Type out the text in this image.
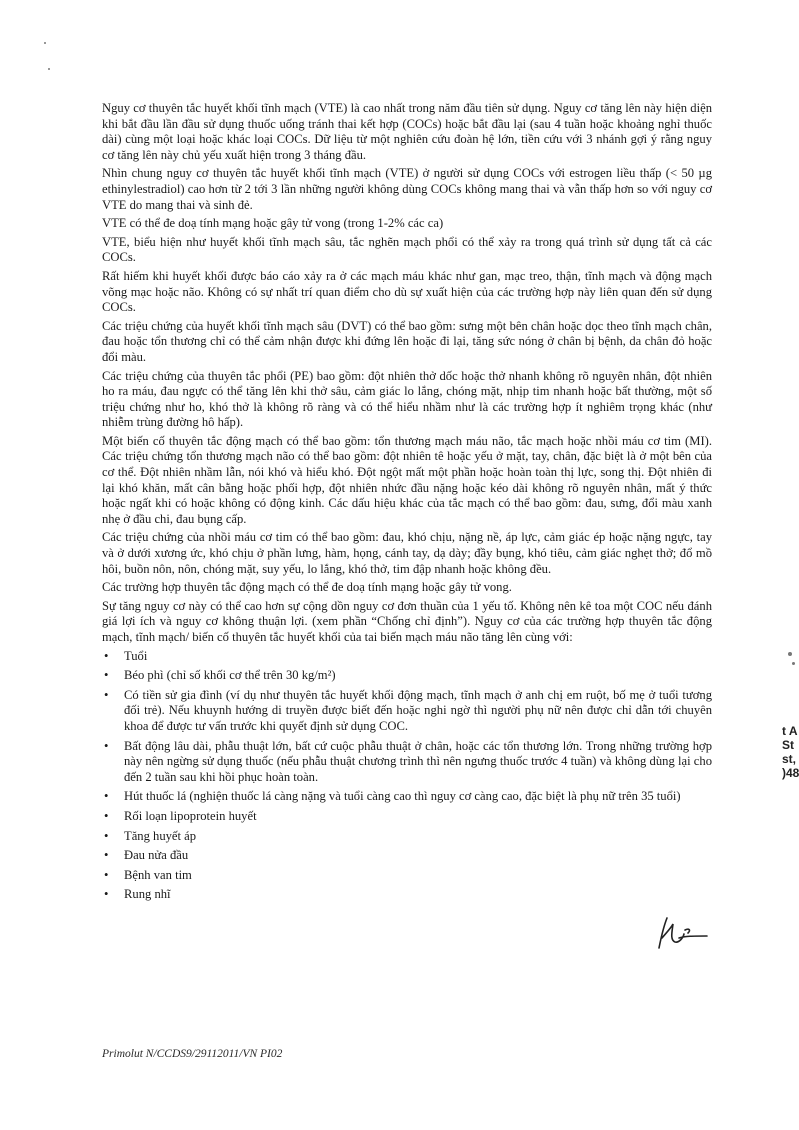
Nguy cơ thuyên tắc huyết khối tĩnh mạch (VTE) là cao nhất trong năm đầu tiên sử dụng. Nguy cơ tăng lên này hiện diện khi bắt đầu lần đầu sử dụng thuốc uống tránh thai kết hợp (COCs) hoặc bắt đầu lại (sau 4 tuần hoặc khoảng nghỉ thuốc dài) cùng một loại hoặc khác loại COCs. Dữ liệu từ một nghiên cứu đoàn hệ lớn, tiền cứu với 3 nhánh gợi ý rằng nguy cơ tăng lên này chủ yếu xuất hiện trong 3 tháng đầu.

Nhìn chung nguy cơ thuyên tắc huyết khối tĩnh mạch (VTE) ở người sử dụng COCs với estrogen liều thấp (< 50 µg ethinylestradiol) cao hơn từ 2 tới 3 lần những người không dùng COCs không mang thai và vẫn thấp hơn so với nguy cơ VTE do mang thai và sinh đẻ.

VTE có thể đe doạ tính mạng hoặc gây tử vong (trong 1-2% các ca)

VTE, biểu hiện như huyết khối tĩnh mạch sâu, tắc nghẽn mạch phổi có thể xảy ra trong quá trình sử dụng tất cả các COCs.

Rất hiếm khi huyết khối được báo cáo xảy ra ở các mạch máu khác như gan, mạc treo, thận, tĩnh mạch và động mạch võng mạc hoặc não. Không có sự nhất trí quan điểm cho dù sự xuất hiện của các trường hợp này liên quan đến sử dụng COCs.

Các triệu chứng của huyết khối tĩnh mạch sâu (DVT) có thể bao gồm: sưng một bên chân hoặc dọc theo tĩnh mạch chân, đau hoặc tổn thương chỉ có thể cảm nhận được khi đứng lên hoặc đi lại, tăng sức nóng ở chân bị bệnh, da chân đỏ hoặc đổi màu.

Các triệu chứng của thuyên tắc phổi (PE) bao gồm: đột nhiên thở dốc hoặc thở nhanh không rõ nguyên nhân, đột nhiên ho ra máu, đau ngực có thể tăng lên khi thở sâu, cảm giác lo lắng, chóng mặt, nhịp tim nhanh hoặc bất thường, một số triệu chứng như ho, khó thở là không rõ ràng và có thể hiểu nhầm như là các trường hợp ít nghiêm trọng khác (như nhiễm trùng đường hô hấp).

Một biến cố thuyên tắc động mạch có thể bao gồm: tổn thương mạch máu não, tắc mạch hoặc nhồi máu cơ tim (MI). Các triệu chứng tổn thương mạch não có thể bao gồm: đột nhiên tê hoặc yếu ở mặt, tay, chân, đặc biệt là ở một bên của cơ thể. Đột nhiên nhầm lẫn, nói khó và hiểu khó. Đột ngột mất một phần hoặc hoàn toàn thị lực, song thị. Đột nhiên đi lại khó khăn, mất cân bằng hoặc phối hợp, đột nhiên nhức đầu nặng hoặc kéo dài không rõ nguyên nhân, mất ý thức hoặc ngất khi có hoặc không có động kinh. Các dấu hiệu khác của tắc mạch có thể bao gồm: đau, sưng, đổi màu xanh nhẹ ở đầu chi, đau bụng cấp.

Các triệu chứng của nhồi máu cơ tim có thể bao gồm: đau, khó chịu, nặng nề, áp lực, cảm giác ép hoặc nặng ngực, tay và ở dưới xương ức, khó chịu ở phần lưng, hàm, họng, cánh tay, dạ dày; đầy bụng, khó tiêu, cảm giác nghẹt thở; đổ mồ hôi, buồn nôn, nôn, chóng mặt, suy yếu, lo lắng, khó thở, tim đập nhanh hoặc không đều.

Các trường hợp thuyên tắc động mạch có thể đe doạ tính mạng hoặc gây tử vong.

Sự tăng nguy cơ này có thể cao hơn sự cộng dồn nguy cơ đơn thuần của 1 yếu tố. Không nên kê toa một COC nếu đánh giá lợi ích và nguy cơ không thuận lợi. (xem phần “Chống chỉ định”). Nguy cơ của các trường hợp thuyên tắc động mạch, tĩnh mạch/ biến cố thuyên tắc huyết khối của tai biến mạch máu não tăng lên cùng với:

• Tuổi
• Béo phì (chỉ số khối cơ thể trên 30 kg/m²)
• Có tiền sử gia đình (ví dụ như thuyên tắc huyết khối động mạch, tĩnh mạch ở anh chị em ruột, bố mẹ ở tuổi tương đối trẻ). Nếu khuynh hướng di truyền được biết đến hoặc nghi ngờ thì người phụ nữ nên được chỉ dẫn tới chuyên khoa để được tư vấn trước khi quyết định sử dụng COC.
• Bất động lâu dài, phẫu thuật lớn, bất cứ cuộc phẫu thuật ở chân, hoặc các tổn thương lớn. Trong những trường hợp này nên ngừng sử dụng thuốc (nếu phẫu thuật chương trình thì nên ngưng thuốc trước 4 tuần) và không dùng lại cho đến 2 tuần sau khi hồi phục hoàn toàn.
• Hút thuốc lá (nghiện thuốc lá càng nặng và tuổi càng cao thì nguy cơ càng cao, đặc biệt là phụ nữ trên 35 tuổi)
• Rối loạn lipoprotein huyết
• Tăng huyết áp
• Đau nửa đầu
• Bệnh van tim
• Rung nhĩ
t A
St
st,
)48
Primolut N/CCDS9/29112011/VN PI02
